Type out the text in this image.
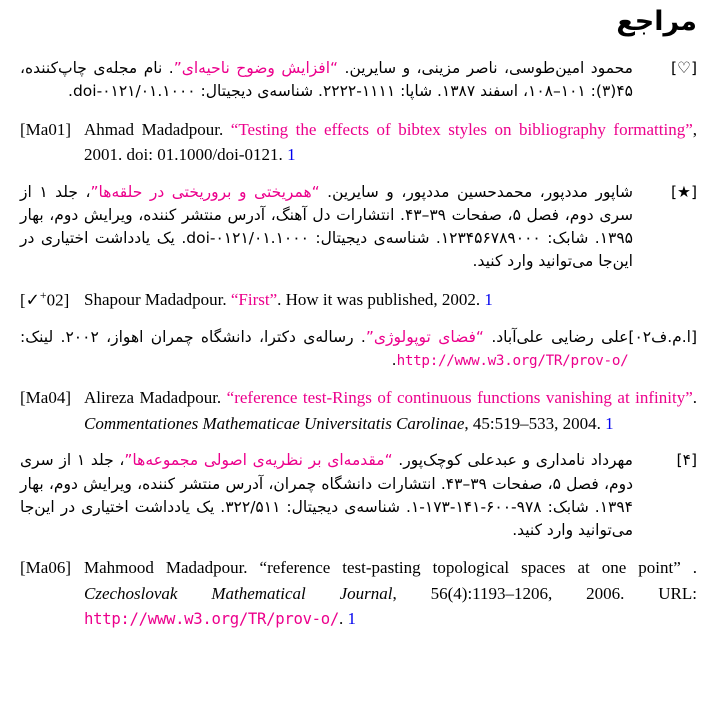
مراجع
[♡]
محمود امین‌طوسی، ناصر مزینی، و سایرین. “افزایش وضوح ناحیه‌ای”. نام مجله‌ی چاپ‌کننده، ۴۵(۳): ۱۰۱–۱۰۸، اسفند ۱۳۸۷. شاپا: ۱۱۱۱-۲۲۲۲. شناسه‌ی دیجیتال: ۰۱.۱۰۰۰/doi-۰۱۲۱.
[Ma01] Ahmad Madadpour. “Testing the effects of bibtex styles on bibliography formatting”, 2001. doi: 01.1000/doi-0121. 1
[★]
شاپور مددپور، محمدحسین مددپور، و سایرین. “همریختی و بروریختی در حلقه‌ها”، جلد ۱ از سری دوم، فصل ۵، صفحات ۳۹–۴۳. انتشارات دل آهنگ، آدرس منتشر کننده، ویرایش دوم، بهار ۱۳۹۵. شابک: ۱۲۳۴۵۶۷۸۹۰۰۰. شناسه‌ی دیجیتال: ۰۱.۱۰۰۰/doi-۰۱۲۱. یک یادداشت اختیاری در این‌جا می‌توانید وارد کنید.
[✓+02] Shapour Madadpour. “First”. How it was published, 2002. 1
[ا.م.ف۰۲]
علی رضایی علی‌آباد. “فضای توپولوژی”. رساله‌ی دکترا، دانشگاه چمران اهواز، ۲۰۰۲. لینک: http://www.w3.org/TR/prov-o/.
[Ma04] Alireza Madadpour. “reference test-Rings of continuous functions vanishing at infinity”. Commentationes Mathematicae Universitatis Carolinae, 45:519–533, 2004. 1
[۴]
مهرداد نامداری و عبدعلی کوچک‌پور. “مقدمه‌ای بر نظریه‌ی اصولی مجموعه‌ها”، جلد ۱ از سری دوم، فصل ۵، صفحات ۳۹–۴۳. انتشارات دانشگاه چمران، آدرس منتشر کننده، ویرایش دوم، بهار ۱۳۹۴. شابک: ۹۷۸-۶۰۰-۱۴۱-۱۷۳-۱. شناسه‌ی دیجیتال: ۳۲۲/۵۱۱. یک یادداشت اختیاری در این‌جا می‌توانید وارد کنید.
[Ma06] Mahmood Madadpour. “reference test-pasting topological spaces at one point” . Czechoslovak Mathematical Journal, 56(4):1193–1206, 2006. URL: http://www.w3.org/TR/prov-o/. 1
